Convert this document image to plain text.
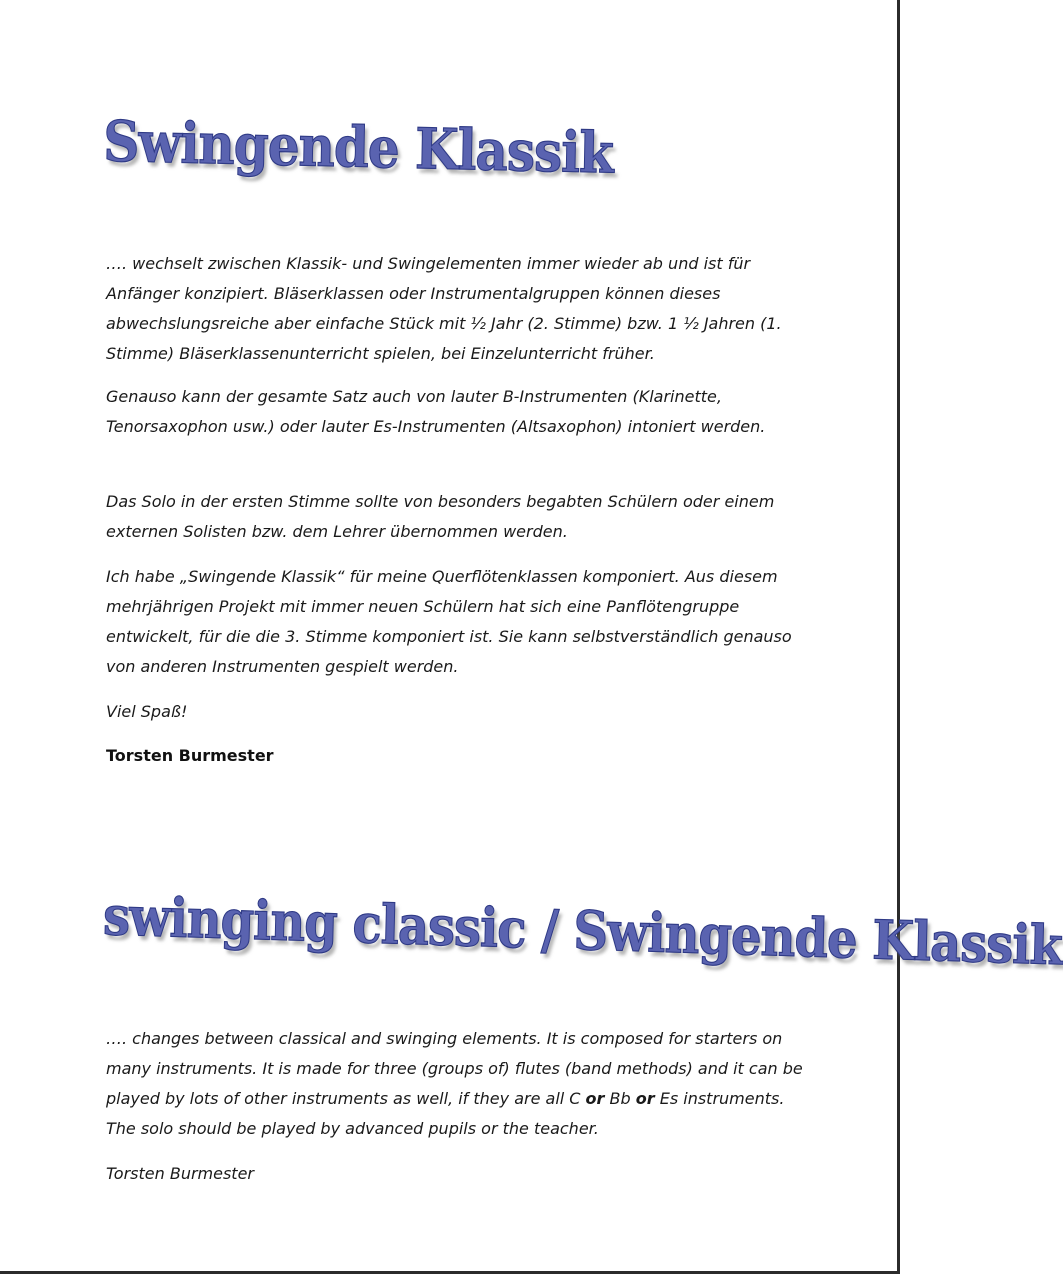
Swingende Klassik

…. wechselt zwischen Klassik- und Swingelementen immer wieder ab und ist für Anfänger konzipiert. Bläserklassen oder Instrumentalgruppen können dieses abwechslungsreiche aber einfache Stück mit ½ Jahr (2. Stimme) bzw. 1 ½ Jahren (1. Stimme) Bläserklassenunterricht spielen, bei Einzelunterricht früher.

Genauso kann der gesamte Satz auch von lauter B-Instrumenten (Klarinette, Tenorsaxophon usw.) oder lauter Es-Instrumenten (Altsaxophon) intoniert werden.

Das Solo in der ersten Stimme sollte von besonders begabten Schülern oder einem externen Solisten bzw. dem Lehrer übernommen werden.

Ich habe „Swingende Klassik“ für meine Querflötenklassen komponiert. Aus diesem mehrjährigen Projekt mit immer neuen Schülern hat sich eine Panflötengruppe entwickelt, für die die 3. Stimme komponiert ist. Sie kann selbstverständlich genauso von anderen Instrumenten gespielt werden.

Viel Spaß!

Torsten Burmester
swinging classic / Swingende Klassik

…. changes between classical and swinging elements. It is composed for starters on many instruments. It is made for three (groups of) flutes (band methods) and it can be played by lots of other instruments as well, if they are all C or Bb or Es instruments. The solo should be played by advanced pupils or the teacher.

Torsten Burmester
